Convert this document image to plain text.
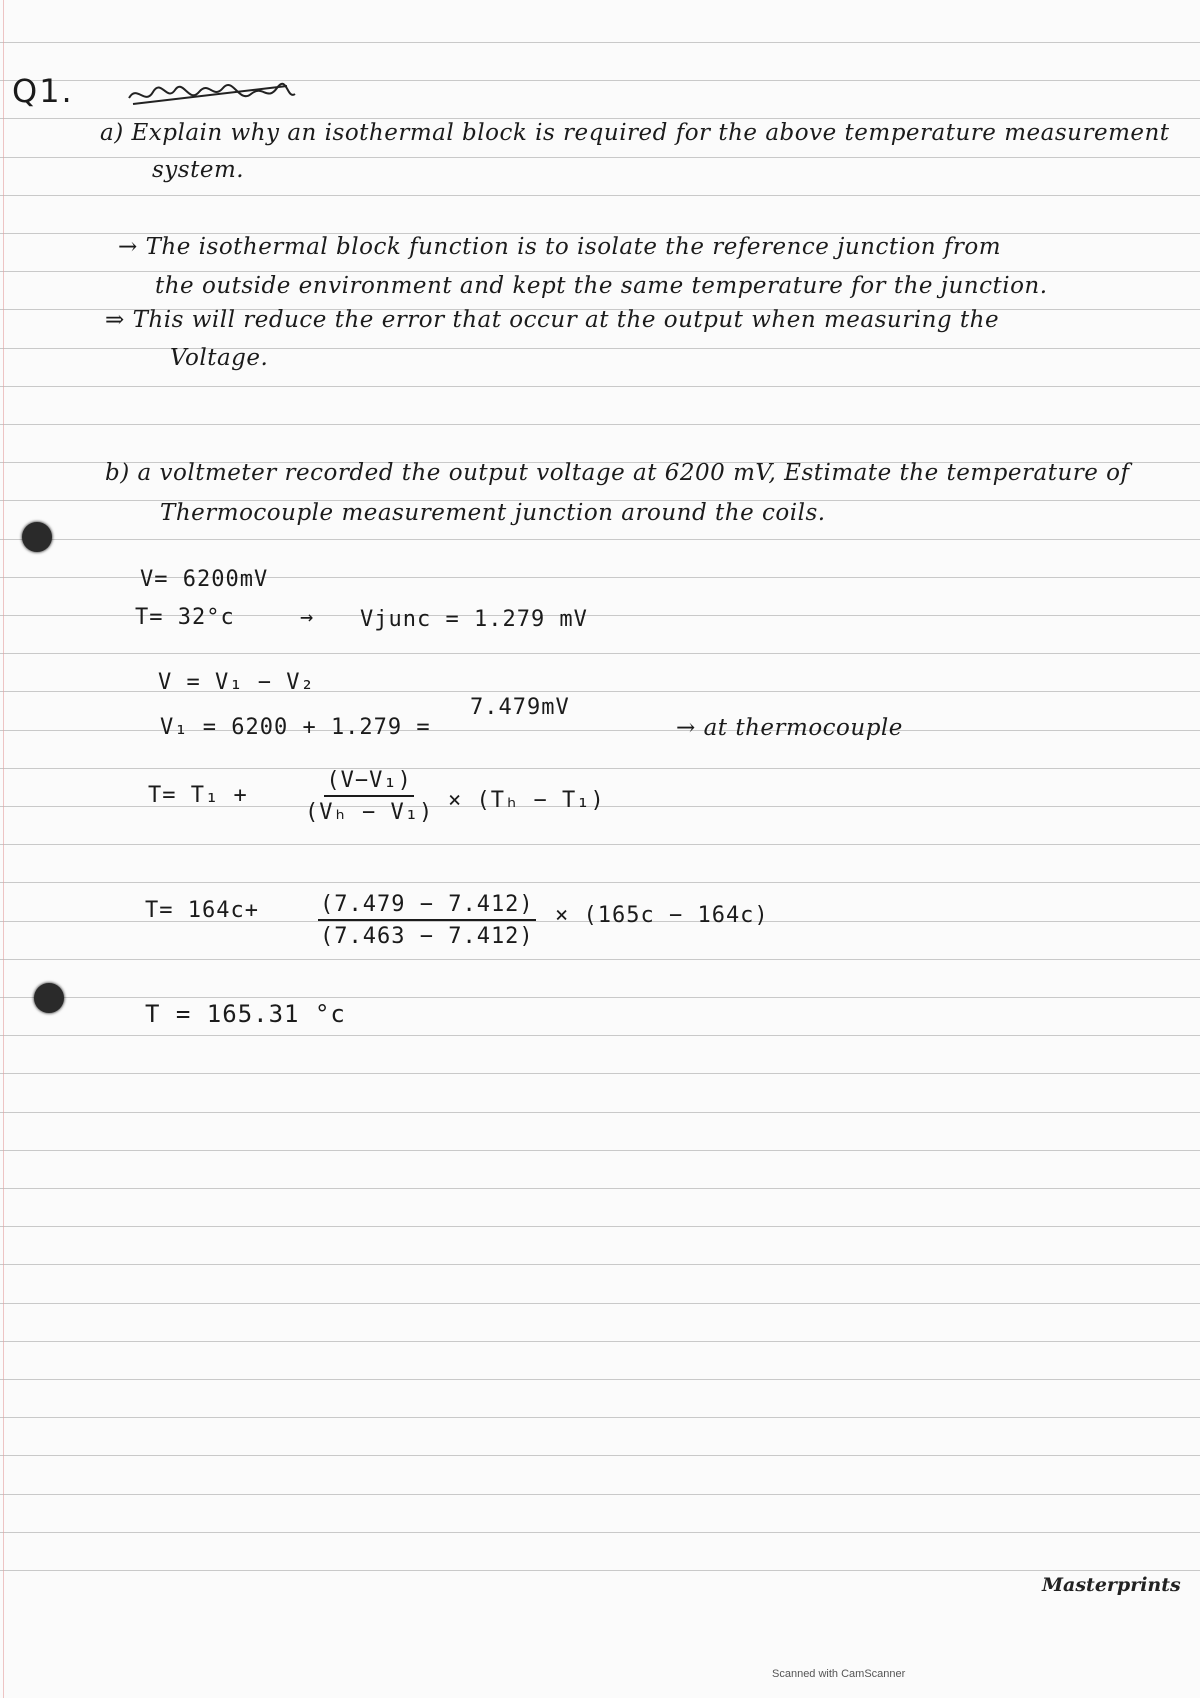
Q1.
a) Explain why an isothermal block is required for the above temperature measurement
system.
→ The isothermal block function is to isolate the reference junction from
the outside environment and kept the same temperature for the junction.
⇒ This will reduce the error that occur at the output when measuring the
Voltage.
b) a voltmeter recorded the output voltage at 6200 mV, Estimate the temperature of
Thermocouple measurement junction around the coils.
V= 6200mV
T= 32°c	→ Vjunc = 1.279 mV
V = V₁ − V₂
V₁ = 6200 + 1.279 =
7.479mV
→ at thermocouple
T= T₁ +	$\frac{\text{(V−V₁)}}{\text{(Vₕ − V₁)}} \times (T_h - T_1)$
T= 164c+	$\frac{(7.479 - 7.412)}{(7.463 - 7.412)} \times (165c - 164c)$
T = 165.31 °c
Masterprints
Scanned with CamScanner
